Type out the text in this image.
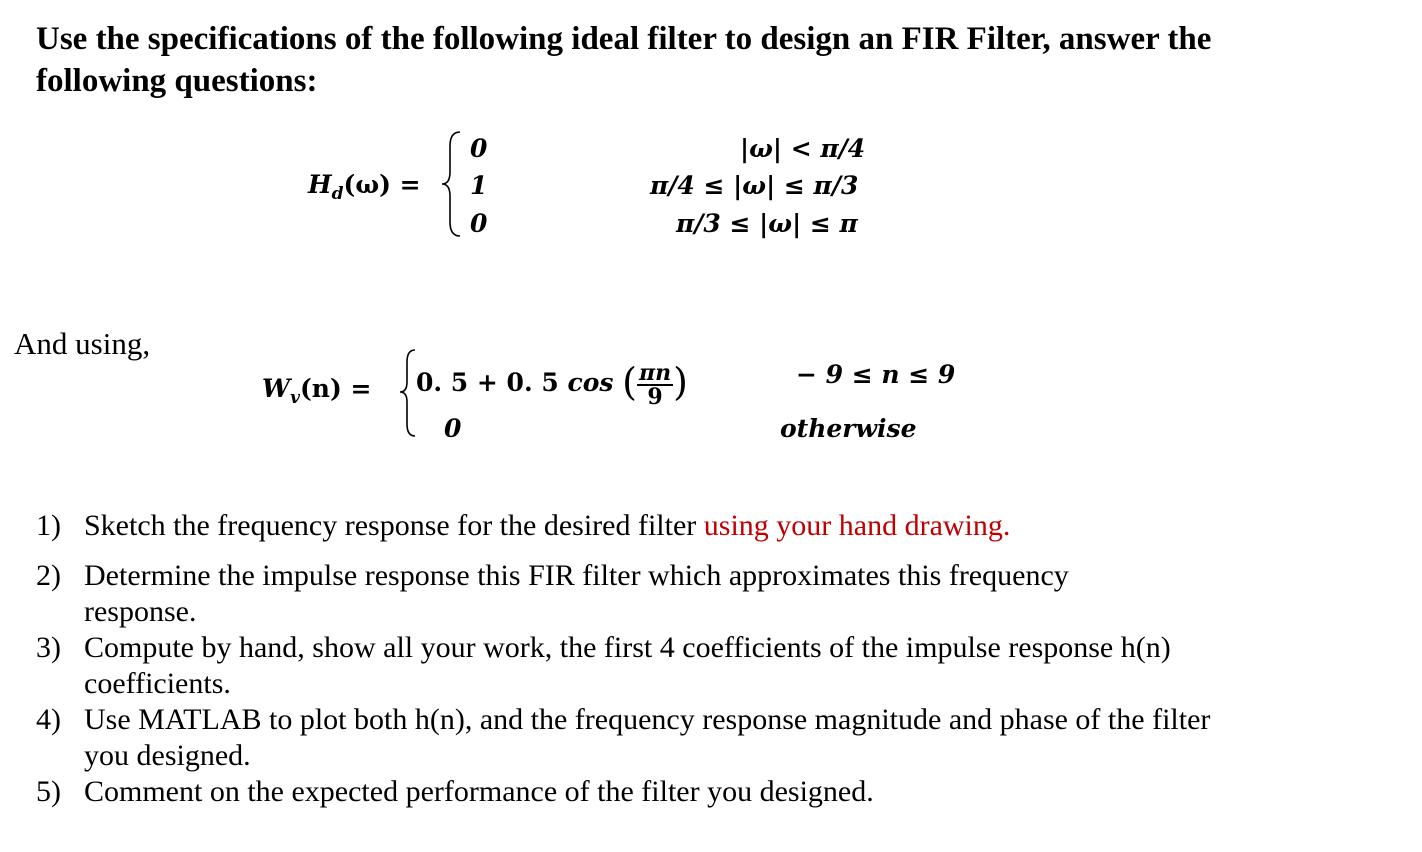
Use the specifications of the following ideal filter to design an FIR Filter, answer the
following questions:
$H_d(\omega)$ =
0
1
0
|ω| < π/4
π/4 ≤ |ω| ≤ π/3
π/3 ≤ |ω| ≤ π
And using,
$W_v(n) = 0$. 5 + 0. 5 cos ( $\frac{\pi n}{9}$ )
0
− 9 ≤ n ≤ 9
otherwise
1) Sketch the frequency response for the desired filter using your hand drawing.
2) Determine the impulse response this FIR filter which approximates this frequency response.
3) Compute by hand, show all your work, the first 4 coefficients of the impulse response h(n) coefficients.
4) Use MATLAB to plot both h(n), and the frequency response magnitude and phase of the filter you designed.
5) Comment on the expected performance of the filter you designed.
